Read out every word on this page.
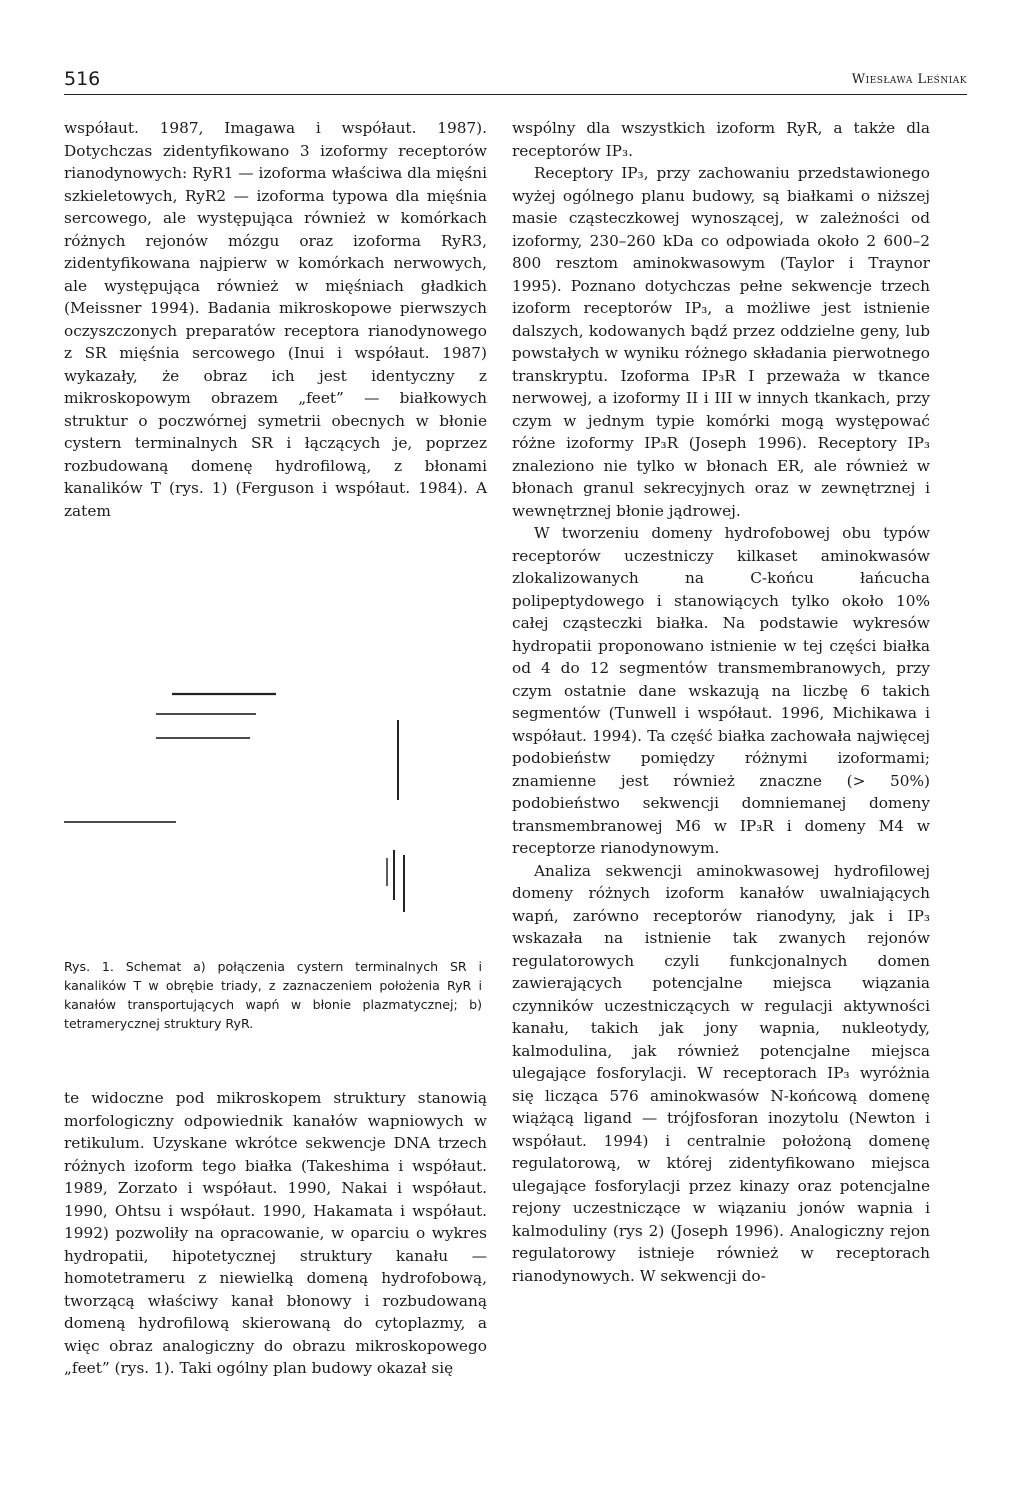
516	Wiesława Leśniak

współaut. 1987, Imagawa i współaut. 1987). Dotychczas zidentyfikowano 3 izoformy receptorów rianodynowych: RyR1 — izoforma właściwa dla mięśni szkieletowych, RyR2 — izoforma typowa dla mięśnia sercowego, ale występująca również w komórkach różnych rejonów mózgu oraz izoforma RyR3, zidentyfikowana najpierw w komórkach nerwowych, ale występująca również w mięśniach gładkich (Meissner 1994). Badania mikroskopowe pierwszych oczyszczonych preparatów receptora rianodynowego z SR mięśnia sercowego (Inui i współaut. 1987) wykazały, że obraz ich jest identyczny z mikroskopowym obrazem „feet” — białkowych struktur o poczwórnej symetrii obecnych w błonie cystern terminalnych SR i łączących je, poprzez rozbudowaną domenę hydrofilową, z błonami kanalików T (rys. 1) (Ferguson i współaut. 1984). A zatem

Rys. 1. Schemat a) połączenia cystern terminalnych SR i kanalików T w obrębie triady, z zaznaczeniem położenia RyR i kanałów transportujących wapń w błonie plazmatycznej; b) tetramerycznej struktury RyR.

te widoczne pod mikroskopem struktury stanowią morfologiczny odpowiednik kanałów wapniowych w retikulum. Uzyskane wkrótce sekwencje DNA trzech różnych izoform tego białka (Takeshima i współaut. 1989, Zorzato i współaut. 1990, Nakai i współaut. 1990, Ohtsu i współaut. 1990, Hakamata i współaut. 1992) pozwoliły na opracowanie, w oparciu o wykres hydropatii, hipotetycznej struktury kanału — homotetrameru z niewielką domeną hydrofobową, tworzącą właściwy kanał błonowy i rozbudowaną domeną hydrofilową skierowaną do cytoplazmy, a więc obraz analogiczny do obrazu mikroskopowego „feet” (rys. 1). Taki ogólny plan budowy okazał się

wspólny dla wszystkich izoform RyR, a także dla receptorów IP₃.

Receptory IP₃, przy zachowaniu przedstawionego wyżej ogólnego planu budowy, są białkami o niższej masie cząsteczkowej wynoszącej, w zależności od izoformy, 230–260 kDa co odpowiada około 2 600–2 800 resztom aminokwasowym (Taylor i Traynor 1995). Poznano dotychczas pełne sekwencje trzech izoform receptorów IP₃, a możliwe jest istnienie dalszych, kodowanych bądź przez oddzielne geny, lub powstałych w wyniku różnego składania pierwotnego transkryptu. Izoforma IP₃R I przeważa w tkance nerwowej, a izoformy II i III w innych tkankach, przy czym w jednym typie komórki mogą występować różne izoformy IP₃R (Joseph 1996). Receptory IP₃ znaleziono nie tylko w błonach ER, ale również w błonach granul sekrecyjnych oraz w zewnętrznej i wewnętrznej błonie jądrowej.

W tworzeniu domeny hydrofobowej obu typów receptorów uczestniczy kilkaset aminokwasów zlokalizowanych na C-końcu łańcucha polipeptydowego i stanowiących tylko około 10% całej cząsteczki białka. Na podstawie wykresów hydropatii proponowano istnienie w tej części białka od 4 do 12 segmentów transmembranowych, przy czym ostatnie dane wskazują na liczbę 6 takich segmentów (Tunwell i współaut. 1996, Michikawa i współaut. 1994). Ta część białka zachowała najwięcej podobieństw pomiędzy różnymi izoformami; znamienne jest również znaczne (> 50%) podobieństwo sekwencji domniemanej domeny transmembranowej M6 w IP₃R i domeny M4 w receptorze rianodynowym.

Analiza sekwencji aminokwasowej hydrofilowej domeny różnych izoform kanałów uwalniających wapń, zarówno receptorów rianodyny, jak i IP₃ wskazała na istnienie tak zwanych rejonów regulatorowych czyli funkcjonalnych domen zawierających potencjalne miejsca wiązania czynników uczestniczących w regulacji aktywności kanału, takich jak jony wapnia, nukleotydy, kalmodulina, jak również potencjalne miejsca ulegające fosforylacji. W receptorach IP₃ wyróżnia się licząca 576 aminokwasów N-końcową domenę wiążącą ligand — trójfosforan inozytolu (Newton i współaut. 1994) i centralnie położoną domenę regulatorową, w której zidentyfikowano miejsca ulegające fosforylacji przez kinazy oraz potencjalne rejony uczestniczące w wiązaniu jonów wapnia i kalmoduliny (rys 2) (Joseph 1996). Analogiczny rejon regulatorowy istnieje również w receptorach rianodynowych. W sekwencji do-
